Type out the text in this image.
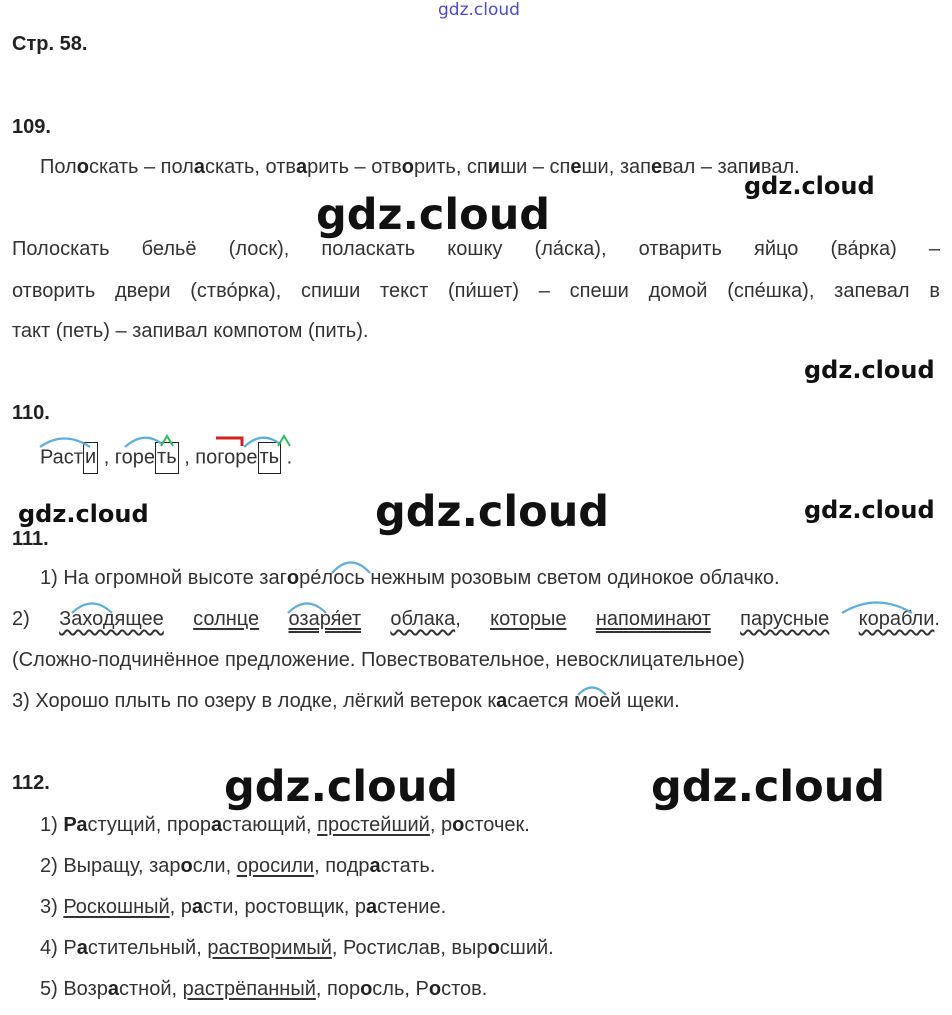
gdz.cloud
gdz.cloud
gdz.cloud
gdz.cloud
gdz.cloud	gdz.cloud	gdz.cloud
gdz.cloud	gdz.cloud
Стр. 58.
109.
Полоскать – поласкать, отварить – отворить, спиши – спеши, запевал – запивал.
Полоскать бельё (лоск), поласкать кошку (ла́ска), отварить яйцо (ва́рка) –
отворить двери (ство́рка), спиши текст (пи́шет) – спеши домой (спе́шка), запевал в
такт (петь) – запивал компотом (пить).
110.
Раст и , горе ть , погоре ть .
111.
1) На огромной высоте загоре́лось нежным розовым светом одинокое облачко.
2) Заходящее солнце озаря́ет облака, которые напоминают парусные корабли.
(Сложно-подчинённое предложение. Повествовательное, невосклицательное)
3) Хорошо плыть по озеру в лодке, лёгкий ветерок касается моей щеки.
112.
1) Растущий, прорастающий, простейший, росточек.
2) Выращу, заросли, оросили, подрастать.
3) Роскошный, расти, ростовщик, растение.
4) Растительный, растворимый, Ростислав, выросший.
5) Возрастной, растрёпанный, поросль, Ростов.
